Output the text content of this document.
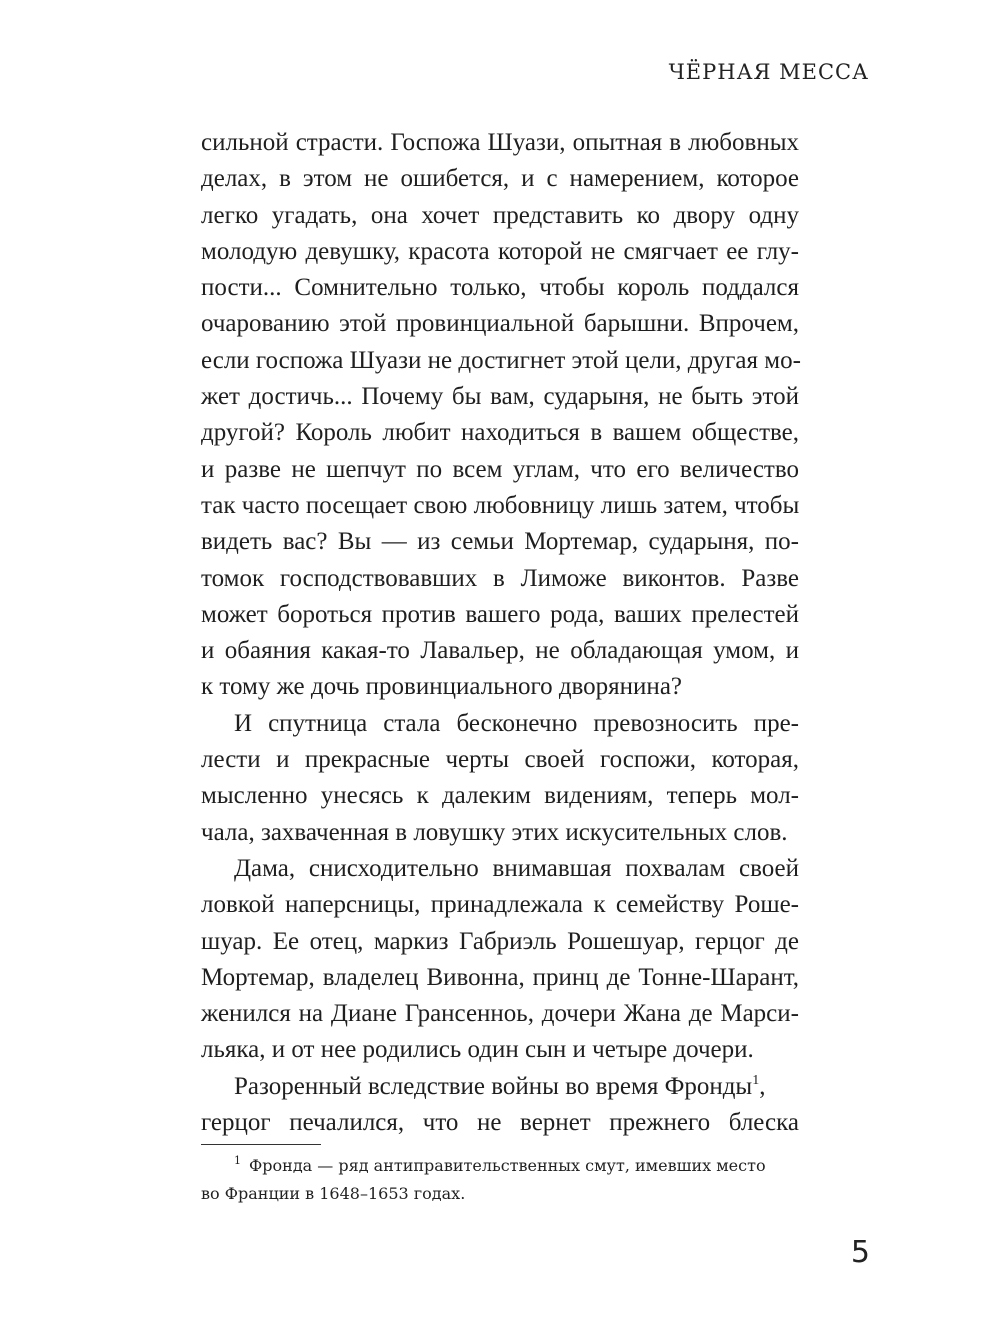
ЧЁРНАЯ МЕССА
сильной страсти. Госпожа Шуази, опытная в любовных
делах, в этом не ошибется, и с намерением, которое
легко угадать, она хочет представить ко двору одну
молодую девушку, красота которой не смягчает ее глу-
пости... Сомнительно только, чтобы король поддался
очарованию этой провинциальной барышни. Впрочем,
если госпожа Шуази не достигнет этой цели, другая мо-
жет достичь... Почему бы вам, сударыня, не быть этой
другой? Король любит находиться в вашем обществе,
и разве не шепчут по всем углам, что его величество
так часто посещает свою любовницу лишь затем, чтобы
видеть вас? Вы — из семьи Мортемар, сударыня, по-
томок господствовавших в Лиможе виконтов. Разве
может бороться против вашего рода, ваших прелестей
и обаяния какая-то Лавальер, не обладающая умом, и
к тому же дочь провинциального дворянина?
И спутница стала бесконечно превозносить пре-
лести и прекрасные черты своей госпожи, которая,
мысленно унесясь к далеким видениям, теперь мол-
чала, захваченная в ловушку этих искусительных слов.
Дама, снисходительно внимавшая похвалам своей
ловкой наперсницы, принадлежала к семейству Роше-
шуар. Ее отец, маркиз Габриэль Рошешуар, герцог де
Мортемар, владелец Вивонна, принц де Тонне-Шарант,
женился на Диане Грансенноь, дочери Жана де Марси-
льяка, и от нее родились один сын и четыре дочери.
Разоренный вследствие войны во время Фронды$^1$,
герцог печалился, что не вернет прежнего блеска
$^1$ Фронда — ряд антиправительственных смут, имевших место
во Франции в 1648–1653 годах.
5
